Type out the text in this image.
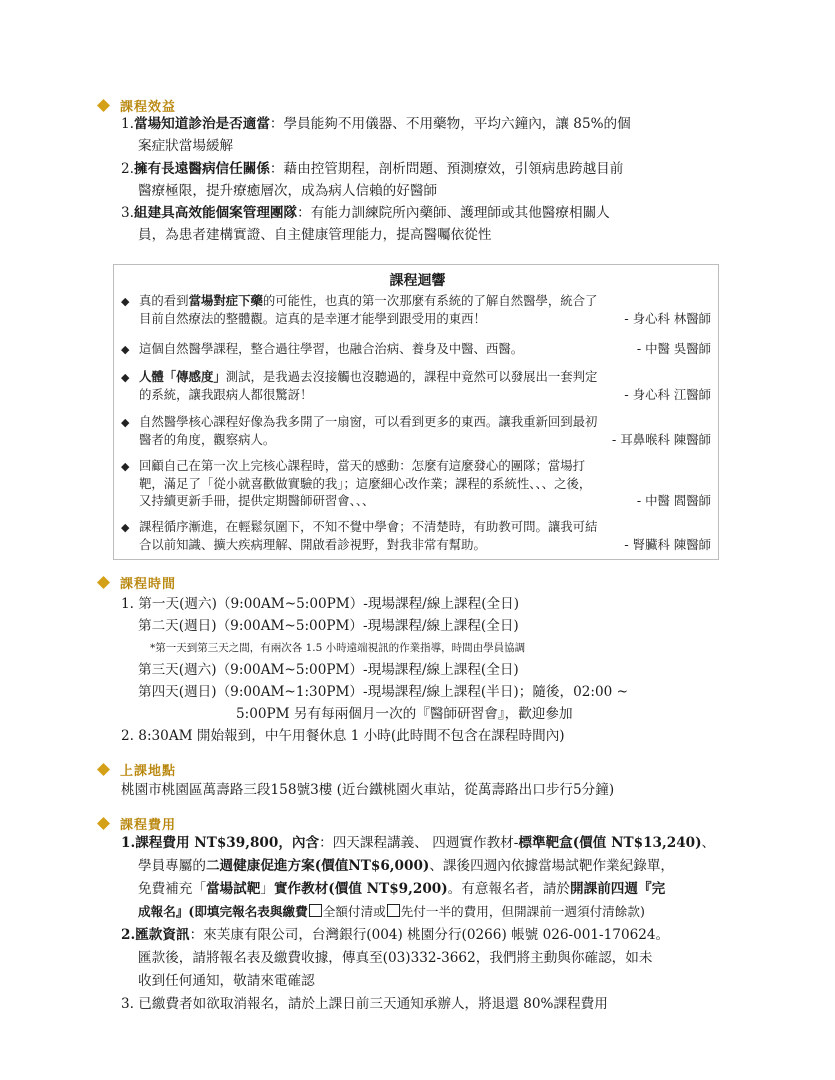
課程效益
1.當場知道診治是否適當：學員能夠不用儀器、不用藥物，平均六鐘內，讓 85%的個
案症狀當場緩解
2.擁有長遠醫病信任關係：藉由控管期程，剖析問題、預測療效，引領病患跨越目前
醫療極限，提升療癒層次，成為病人信賴的好醫師
3.組建具高效能個案管理團隊：有能力訓練院所內藥師、護理師或其他醫療相關人
員，為患者建構實證、自主健康管理能力，提高醫囑依從性
課程迴響
◆ 真的看到當場對症下藥的可能性，也真的第一次那麼有系統的了解自然醫學，統合了
目前自然療法的整體觀。這真的是幸運才能學到跟受用的東西！	- 身心科 林醫師
◆ 這個自然醫學課程，整合過往學習，也融合治病、養身及中醫、西醫。	- 中醫 吳醫師
◆ 人體「傳感度」測試，是我過去沒接觸也沒聽過的，課程中竟然可以發展出一套判定
的系統，讓我跟病人都很驚訝！	- 身心科 江醫師
◆ 自然醫學核心課程好像為我多開了一扇窗，可以看到更多的東西。讓我重新回到最初
醫者的角度，觀察病人。	- 耳鼻喉科 陳醫師
◆ 回顧自己在第一次上完核心課程時，當天的感動：怎麼有這麼發心的團隊；當場打
靶，滿足了「從小就喜歡做實驗的我」；這麼細心改作業；課程的系統性、、、之後，
又持續更新手冊，提供定期醫師研習會、、、	- 中醫 閻醫師
◆ 課程循序漸進，在輕鬆氛圍下，不知不覺中學會；不清楚時，有助教可問。讓我可結
合以前知識、擴大疾病理解、開啟看診視野，對我非常有幫助。	- 腎臟科 陳醫師
課程時間
1. 第一天(週六)（9:00AM~5:00PM）-現場課程/線上課程(全日)
第二天(週日)（9:00AM~5:00PM）-現場課程/線上課程(全日)
*第一天到第三天之間，有兩次各 1.5 小時遠端視訊的作業指導，時間由學員協調
第三天(週六)（9:00AM~5:00PM）-現場課程/線上課程(全日)
第四天(週日)（9:00AM~1:30PM）-現場課程/線上課程(半日)；隨後，02:00 ~
5:00PM 另有每兩個月一次的『醫師研習會』，歡迎參加
2. 8:30AM 開始報到，中午用餐休息 1 小時(此時間不包含在課程時間內)
上課地點
桃園市桃園區萬壽路三段158號3樓 (近台鐵桃園火車站，從萬壽路出口步行5分鐘)
課程費用
1.課程費用 NT$39,800，內含：四天課程講義、 四週實作教材-標準靶盒(價值 NT$13,240)、
學員專屬的二週健康促進方案(價值NT$6,000)、課後四週內依據當場試靶作業紀錄單，
免費補充「當場試靶」實作教材(價值 NT$9,200)。有意報名者，請於開課前四週『完
成報名』(即填完報名表與繳費 全額付清或 先付一半的費用，但開課前一週須付清餘款)
2.匯款資訊：來芙康有限公司，台灣銀行(004) 桃園分行(0266) 帳號 026-001-170624。
匯款後，請將報名表及繳費收據，傳真至(03)332-3662，我們將主動與你確認，如未
收到任何通知，敬請來電確認
3. 已繳費者如欲取消報名，請於上課日前三天通知承辦人，將退還 80%課程費用
